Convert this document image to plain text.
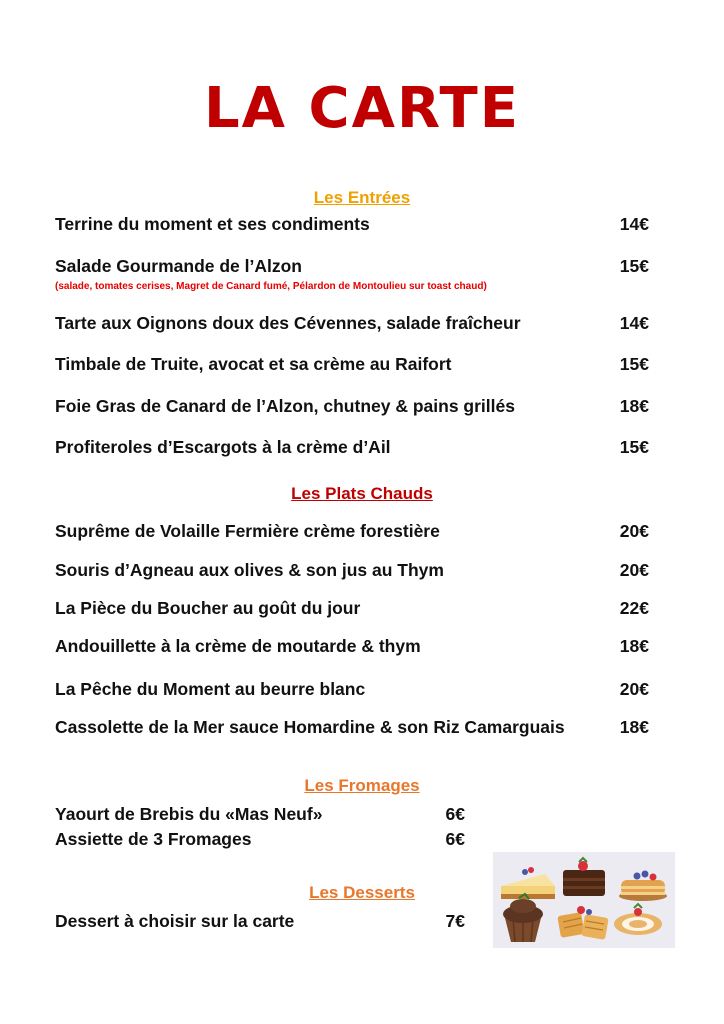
LA CARTE
Les Entrées
Terrine du moment et ses condiments	14€
Salade Gourmande de l’Alzon	15€
(salade, tomates cerises, Magret de Canard fumé, Pélardon de Montoulieu sur toast chaud)
Tarte aux Oignons doux des Cévennes, salade fraîcheur	14€
Timbale de Truite, avocat et sa crème au Raifort	15€
Foie Gras de Canard de l’Alzon, chutney & pains grillés	18€
Profiteroles d’Escargots à la crème d’Ail	15€
Les Plats Chauds
Suprême de Volaille Fermière crème forestière	20€
Souris d’Agneau aux olives & son jus au Thym	20€
La Pièce du Boucher au goût du jour	22€
Andouillette à la crème de moutarde & thym	18€
La Pêche du Moment au beurre blanc	20€
Cassolette de la Mer sauce Homardine & son Riz Camarguais	18€
Les Fromages
Yaourt de Brebis du «Mas Neuf»	6€
Assiette de 3 Fromages	6€
Les Desserts
Dessert à choisir sur la carte	7€
